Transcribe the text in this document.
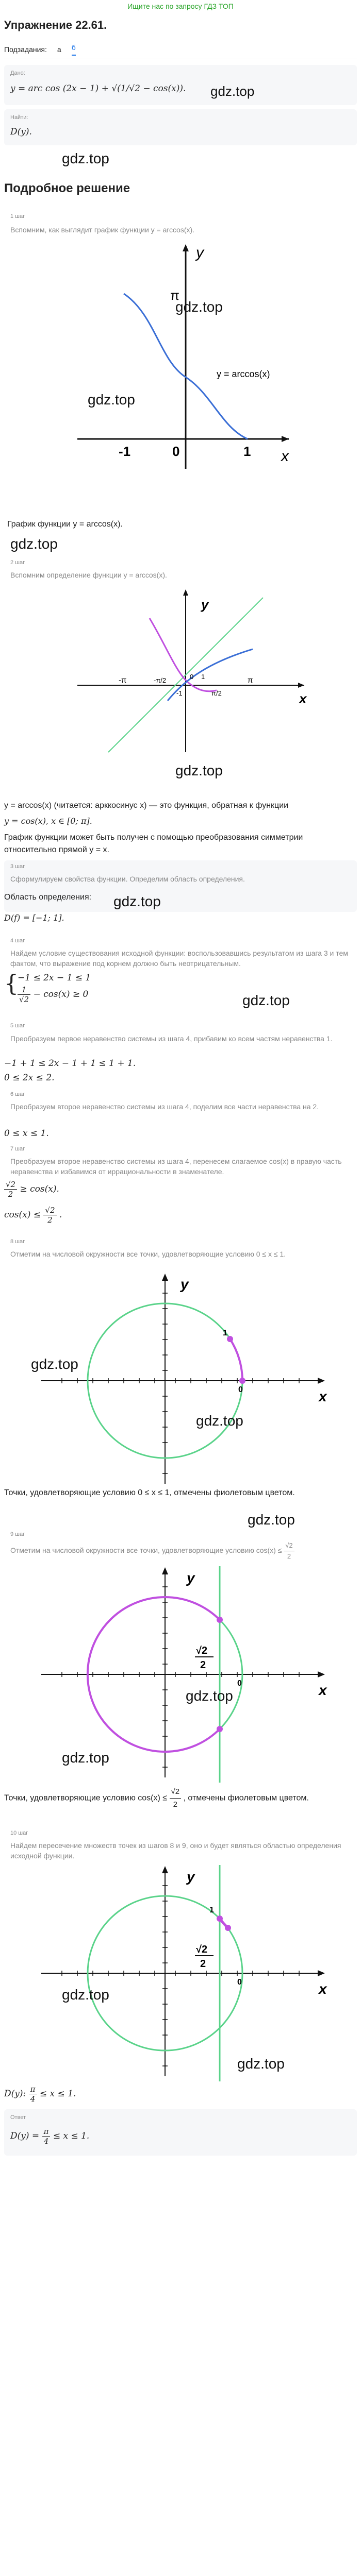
Ищите нас по запросу ГДЗ ТОП
Упражнение 22.61.
Подзадания: a б
Дано:
y = arc cos (2x − 1) + √(1/√2 − cos(x)). gdz.top
Найти:
D(y).
gdz.top
Подробное решение
1 шаг
Вспомним, как выглядит график функции y = arccos(x).
y
x
π
y = arccos(x)
-1	0	1
gdz.top
gdz.top
График функции y = arccos(x).
gdz.top
2 шаг
Вспомним определение функции y = arccos(x).
y
x
-π	-π/2
-1
0 1
π/2
π
gdz.top
y = arccos(x) (читается: арккосинус x) — это функция, обратная к функции
y = cos(x), x ∈ [0; π].
График функции может быть получен с помощью преобразования симметрии относительно прямой y = x.
3 шаг
Сформулируем свойства функции. Определим область определения.
Область определения:	gdz.top
D(f) = [−1; 1].
4 шаг
Найдем условие существования исходной функции: воспользовавшись результатом из шага 3 и тем фактом, что выражение под корнем должно быть неотрицательным.
{
−1 ≤ 2x − 1 ≤ 1
$\frac{1}{√2} - \cos(x) \ge 0$	gdz.top
5 шаг
Преобразуем первое неравенство системы из шага 4, прибавим ко всем частям неравенства 1.
−1 + 1 ≤ 2x − 1 + 1 ≤ 1 + 1.
0 ≤ 2x ≤ 2.
6 шаг
Преобразуем второе неравенство системы из шага 4, поделим все части неравенства на 2.
0 ≤ x ≤ 1.
7 шаг
Преобразуем второе неравенство системы из шага 4, перенесем слагаемое cos(x) в правую часть неравенства и избавимся от иррациональности в знаменателе.
$\frac{√2}{2} \ge \cos(x)$.
$\cos(x) \le \frac{√2}{2}$ .
8 шаг
Отметим на числовой окружности все точки, удовлетворяющие условию 0 ≤ x ≤ 1.
y
x
1
0
gdz.top
gdz.top
Точки, удовлетворяющие условию 0 ≤ x ≤ 1, отмечены фиолетовым цветом.
gdz.top
9 шаг
Отметим на числовой окружности все точки, удовлетворяющие условию $\cos(x) \le \frac{√2}{2}$
y
x
√2
2
0
gdz.top
gdz.top
Точки, удовлетворяющие условию $\cos(x) \le \frac{√2}{2}$ , отмечены фиолетовым цветом.
10 шаг
Найдем пересечение множеств точек из шагов 8 и 9, оно и будет являться областью определения исходной функции.
y
x
1
√2
2
0
gdz.top
gdz.top
D(y): $\frac{\pi}{4} \le x \le 1$.
Ответ
$D(y) = \frac{\pi}{4} \le x \le 1$.
